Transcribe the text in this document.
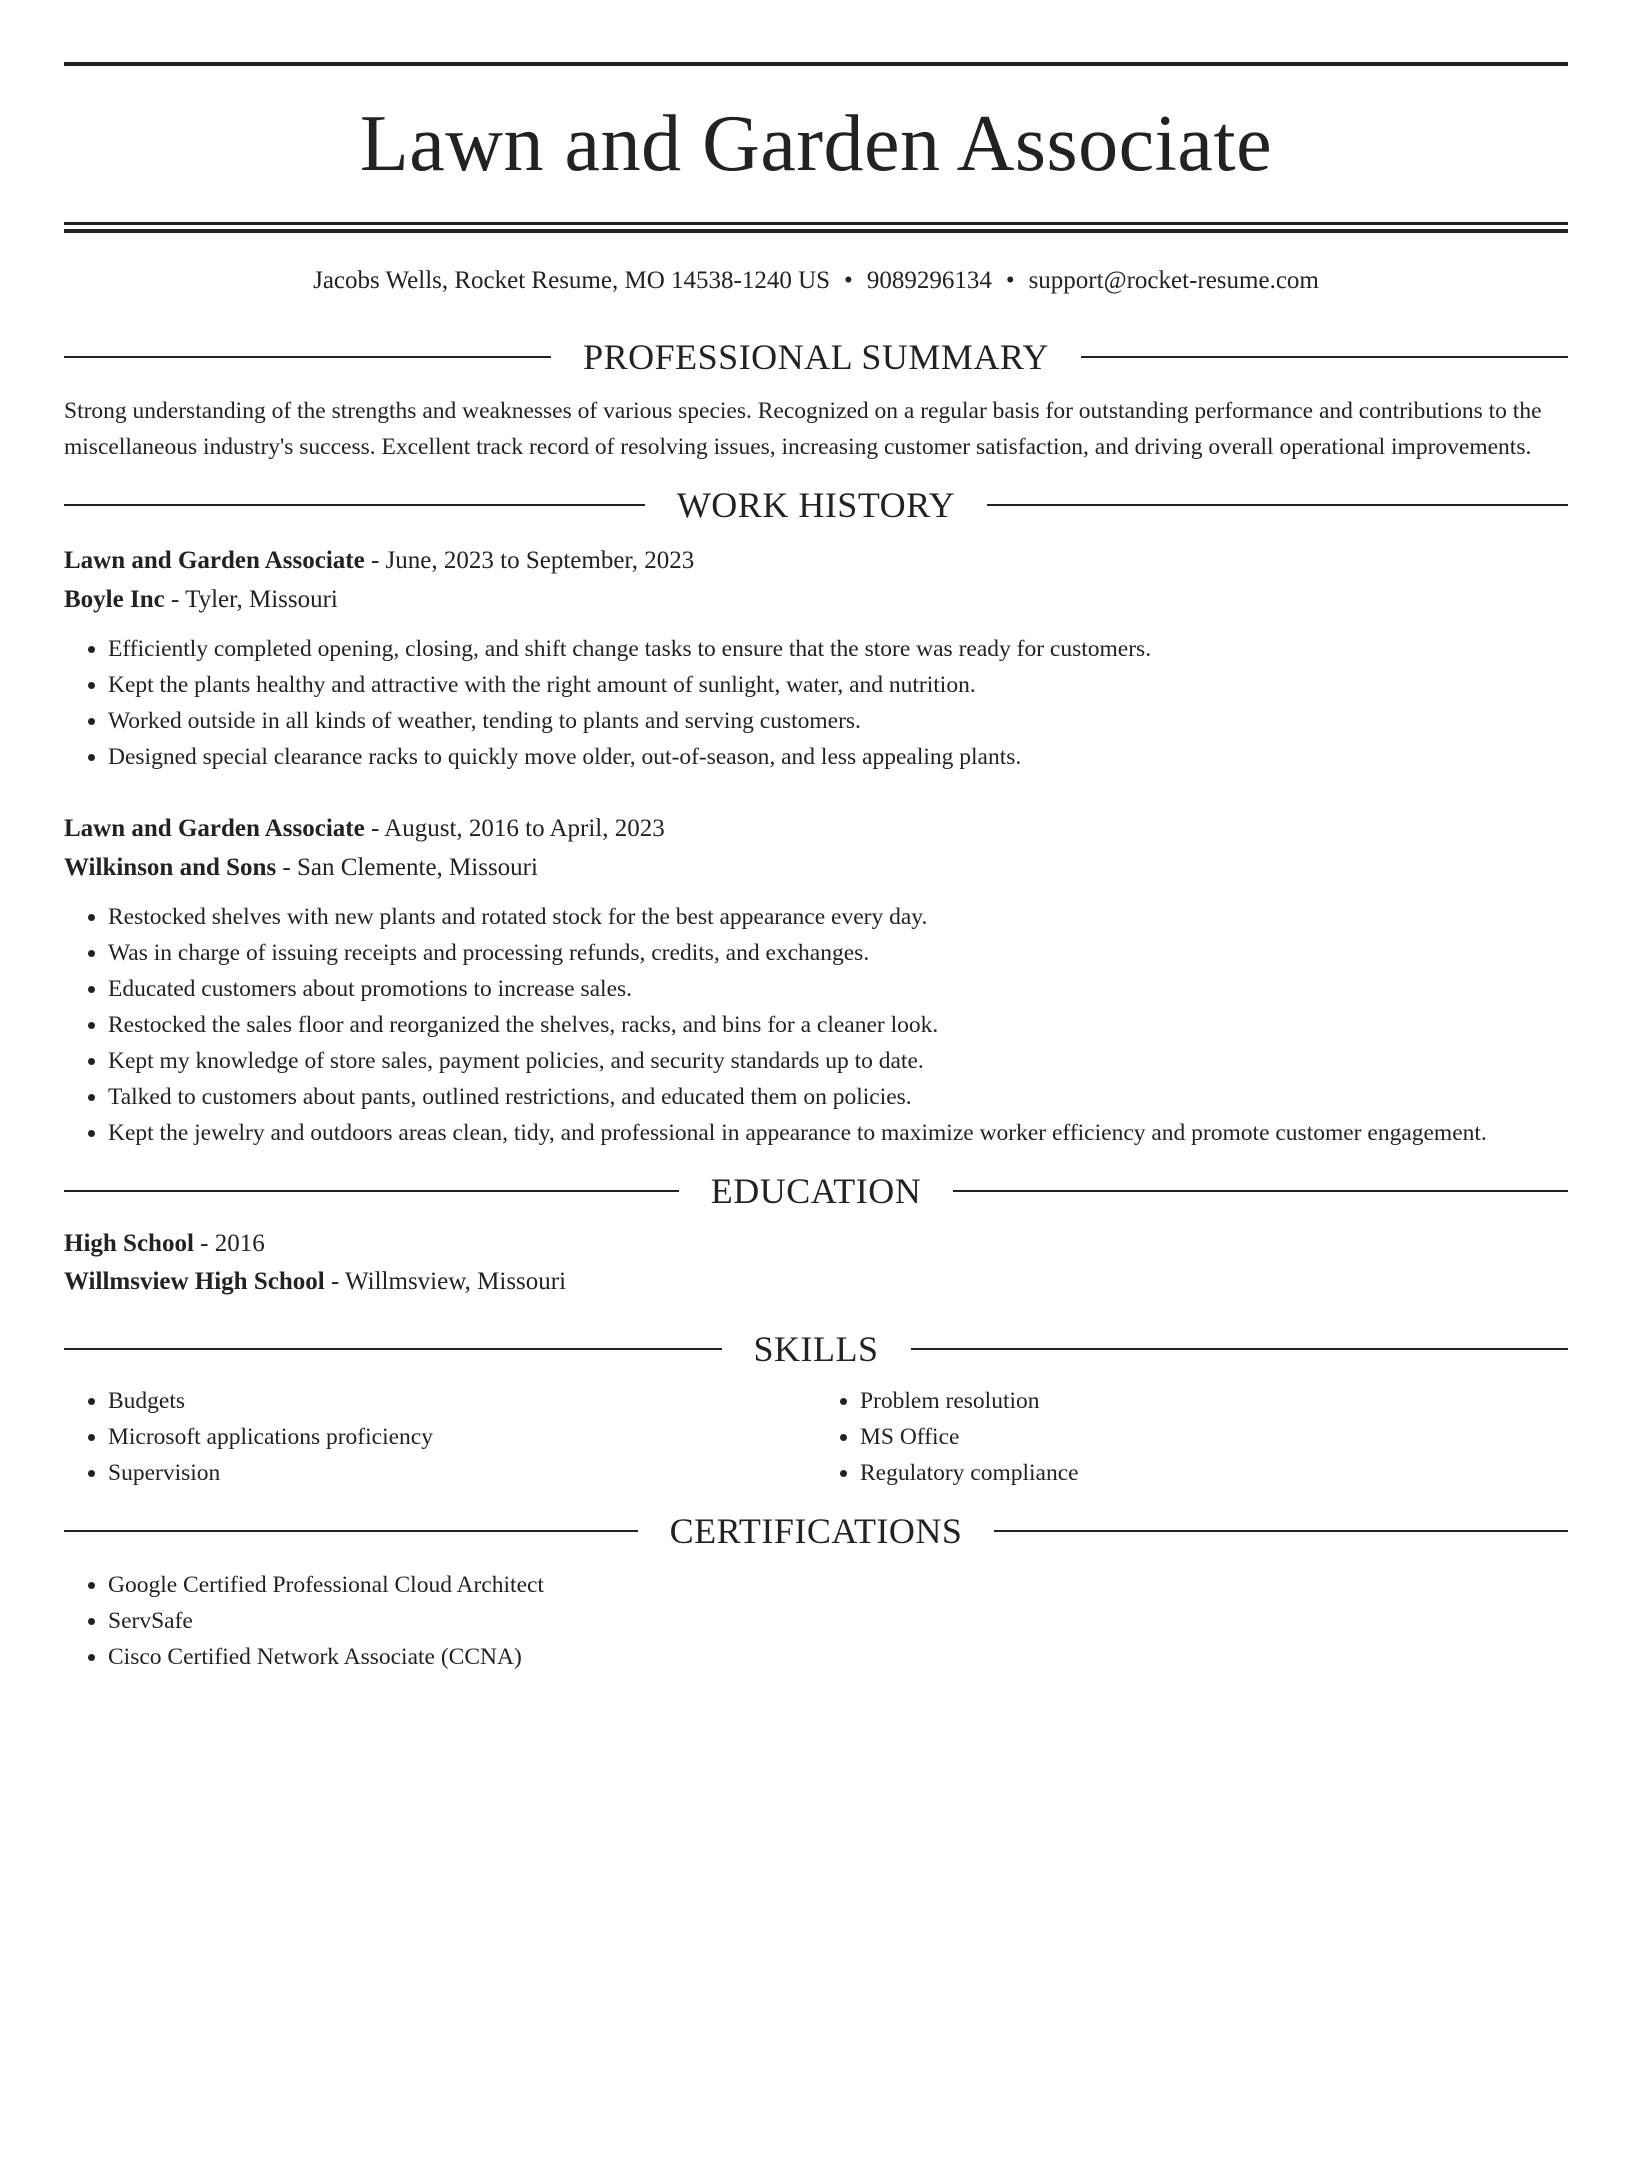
Lawn and Garden Associate
Jacobs Wells, Rocket Resume, MO 14538-1240 US • 9089296134 • support@rocket-resume.com
PROFESSIONAL SUMMARY

Strong understanding of the strengths and weaknesses of various species. Recognized on a regular basis for outstanding performance and contributions to the miscellaneous industry's success. Excellent track record of resolving issues, increasing customer satisfaction, and driving overall operational improvements.

WORK HISTORY
Lawn and Garden Associate - June, 2023 to September, 2023
Boyle Inc - Tyler, Missouri
• Efficiently completed opening, closing, and shift change tasks to ensure that the store was ready for customers.
• Kept the plants healthy and attractive with the right amount of sunlight, water, and nutrition.
• Worked outside in all kinds of weather, tending to plants and serving customers.
• Designed special clearance racks to quickly move older, out-of-season, and less appealing plants.
Lawn and Garden Associate - August, 2016 to April, 2023
Wilkinson and Sons - San Clemente, Missouri
• Restocked shelves with new plants and rotated stock for the best appearance every day.
• Was in charge of issuing receipts and processing refunds, credits, and exchanges.
• Educated customers about promotions to increase sales.
• Restocked the sales floor and reorganized the shelves, racks, and bins for a cleaner look.
• Kept my knowledge of store sales, payment policies, and security standards up to date.
• Talked to customers about pants, outlined restrictions, and educated them on policies.
• Kept the jewelry and outdoors areas clean, tidy, and professional in appearance to maximize worker efficiency and promote customer engagement.
EDUCATION
High School - 2016
Willmsview High School - Willmsview, Missouri
SKILLS
• Budgets
• Microsoft applications proficiency
• Supervision
• Problem resolution
• MS Office
• Regulatory compliance
CERTIFICATIONS
• Google Certified Professional Cloud Architect
• ServSafe
• Cisco Certified Network Associate (CCNA)
